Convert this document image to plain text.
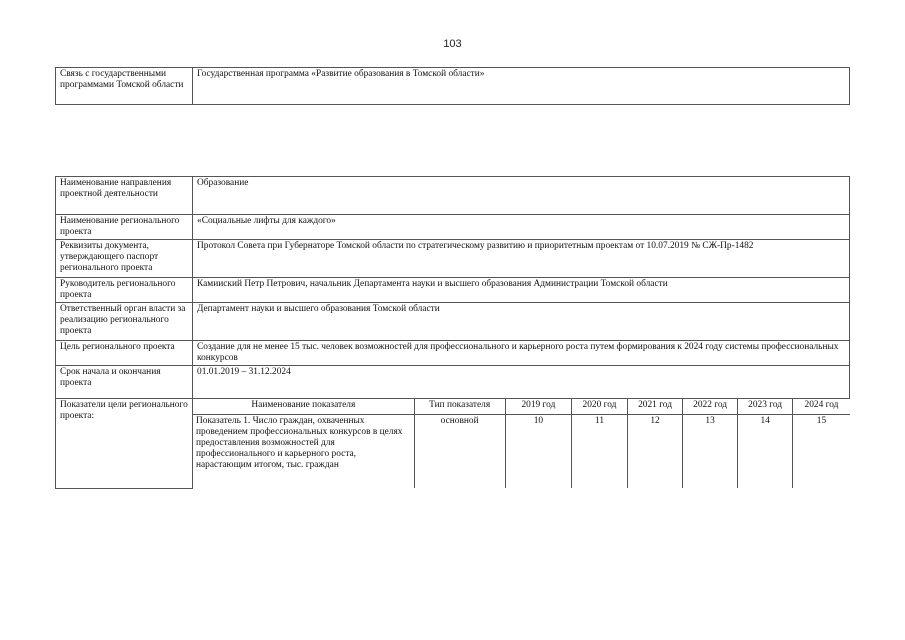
103
Связь с государственными программами Томской области	Государственная программа «Развитие образования в Томской области»
Наименование направления проектной деятельности	Образование
Наименование регионального проекта	«Социальные лифты для каждого»
Реквизиты документа, утверждающего паспорт регионального проекта	Протокол Совета при Губернаторе Томской области по стратегическому развитию и приоритетным проектам от 10.07.2019 № СЖ-Пр-1482
Руководитель регионального проекта	Камииский Петр Петрович, начальник Департамента науки и высшего образования Администрации Томской области
Ответственный орган власти за реализацию регионального проекта	Департамент науки и высшего образования Томской области
Цель регионального проекта	Создание для не менее 15 тыс. человек возможностей для профессионального и карьерного роста путем формирования к 2024 году системы профессиональных конкурсов
Срок начала и окончания проекта	01.01.2019 – 31.12.2024
Показатели цели регионального проекта:	
Наименование показателя	Тип показателя	2019 год	2020 год	2021 год	2022 год	2023 год	2024 год
Показатель 1. Число граждан, охваченных проведением профессиональных конкурсов в целях предоставления возможностей для профессионального и карьерного роста, нарастающим итогом, тыс. граждан	основной	10	11	12	13	14	15
